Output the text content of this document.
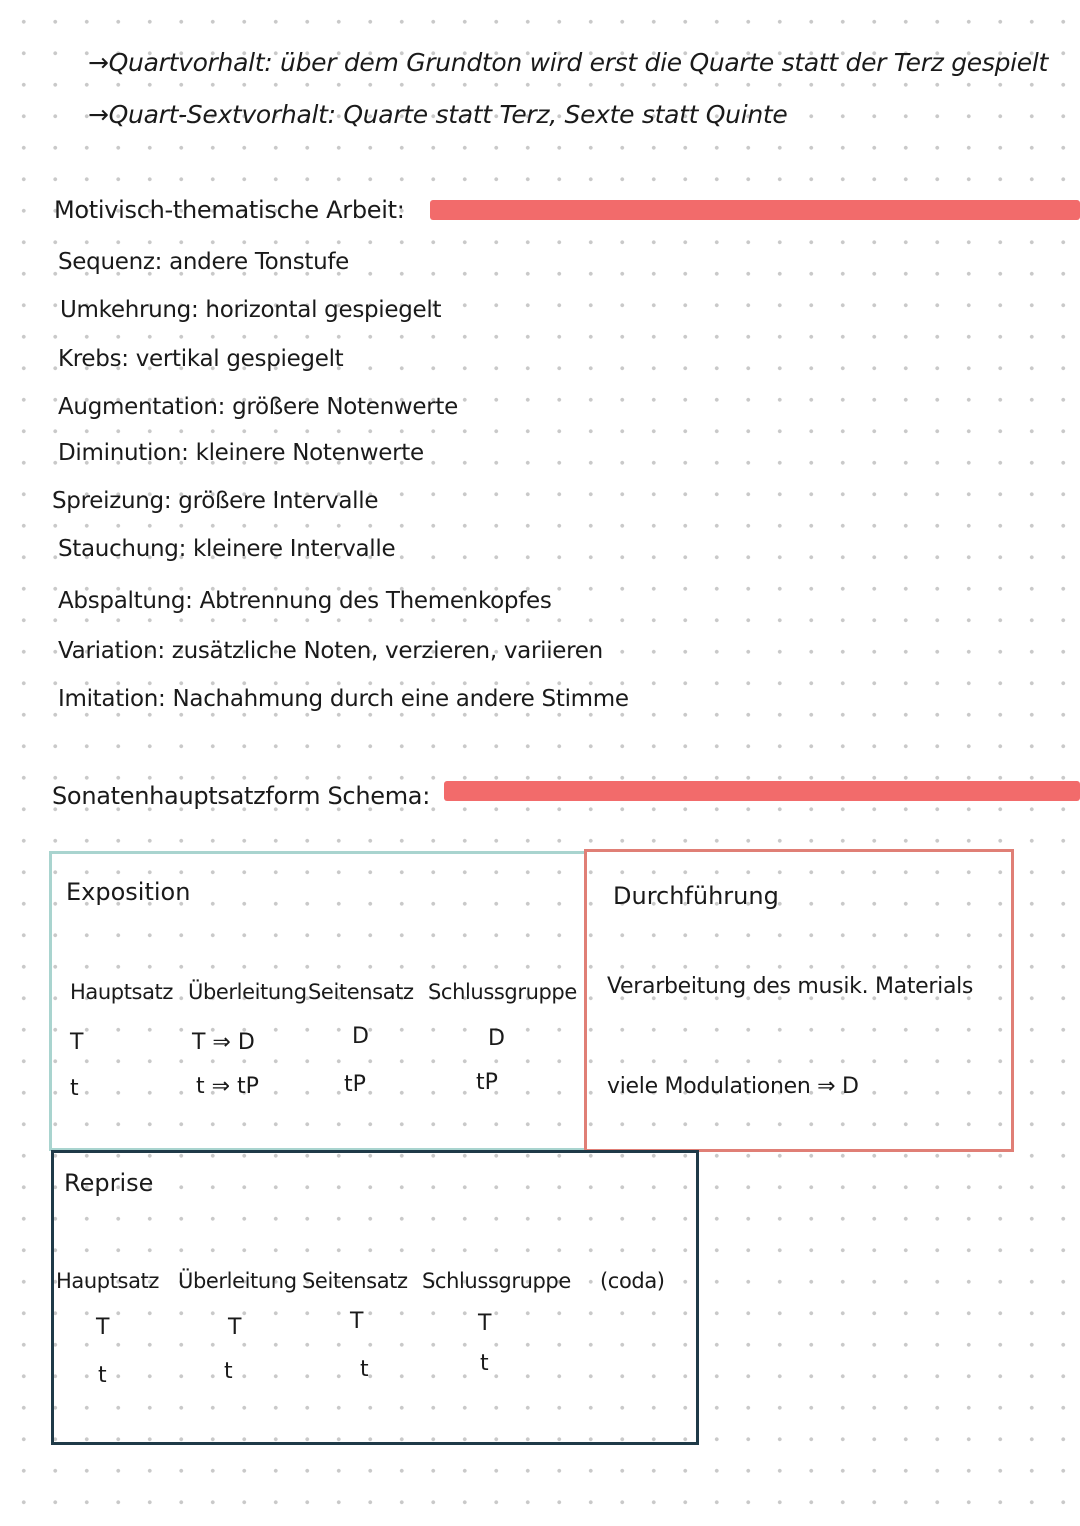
→Quartvorhalt: über dem Grundton wird erst die Quarte statt der Terz gespielt
→Quart-Sextvorhalt: Quarte statt Terz, Sexte statt Quinte
Motivisch-thematische Arbeit:
Sequenz: andere Tonstufe
Umkehrung: horizontal gespiegelt
Krebs: vertikal gespiegelt
Augmentation: größere Notenwerte
Diminution: kleinere Notenwerte
Spreizung: größere Intervalle
Stauchung: kleinere Intervalle
Abspaltung: Abtrennung des Themenkopfes
Variation: zusätzliche Noten, verzieren, variieren
Imitation: Nachahmung durch eine andere Stimme
Sonatenhauptsatzform Schema:
Exposition
Hauptsatz Überleitung Seitensatz Schlussgruppe
T	T ⇒ D	D	D
t	t ⇒ tP	tP	tP
Durchführung
Verarbeitung des musik. Materials
viele Modulationen ⇒ D
Reprise
Hauptsatz Überleitung Seitensatz Schlussgruppe (coda)
T	T	T	T
t	t	t	t
